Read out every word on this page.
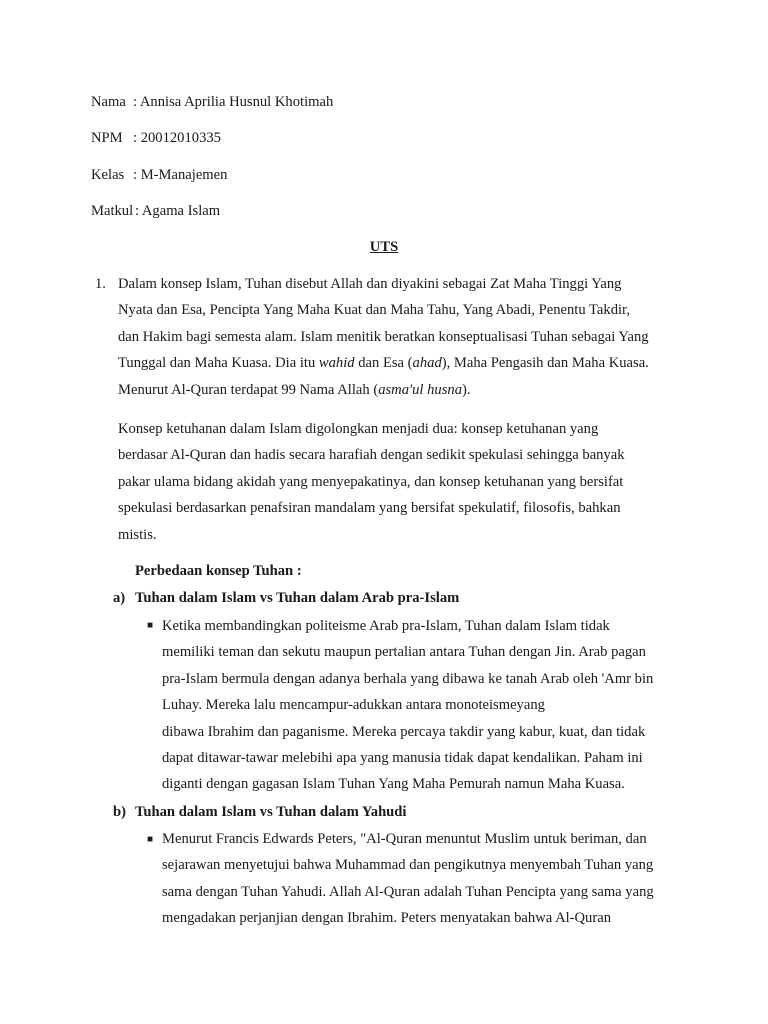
Nama : Annisa Aprilia Husnul Khotimah
NPM : 20012010335
Kelas : M-Manajemen
Matkul : Agama Islam
UTS
1. Dalam konsep Islam, Tuhan disebut Allah dan diyakini sebagai Zat Maha Tinggi Yang
Nyata dan Esa, Pencipta Yang Maha Kuat dan Maha Tahu, Yang Abadi, Penentu Takdir,
dan Hakim bagi semesta alam. Islam menitik beratkan konseptualisasi Tuhan sebagai Yang
Tunggal dan Maha Kuasa. Dia itu wahid dan Esa (ahad), Maha Pengasih dan Maha Kuasa.
Menurut Al-Quran terdapat 99 Nama Allah (asma'ul husna).
Konsep ketuhanan dalam Islam digolongkan menjadi dua: konsep ketuhanan yang
berdasar Al-Quran dan hadis secara harafiah dengan sedikit spekulasi sehingga banyak
pakar ulama bidang akidah yang menyepakatinya, dan konsep ketuhanan yang bersifat
spekulasi berdasarkan penafsiran mandalam yang bersifat spekulatif, filosofis, bahkan
mistis.
Perbedaan konsep Tuhan :
a) Tuhan dalam Islam vs Tuhan dalam Arab pra-Islam
■ Ketika membandingkan politeisme Arab pra-Islam, Tuhan dalam Islam tidak
memiliki teman dan sekutu maupun pertalian antara Tuhan dengan Jin. Arab pagan
pra-Islam bermula dengan adanya berhala yang dibawa ke tanah Arab oleh 'Amr bin
Luhay. Mereka lalu mencampur-adukkan antara monoteismeyang
dibawa Ibrahim dan paganisme. Mereka percaya takdir yang kabur, kuat, dan tidak
dapat ditawar-tawar melebihi apa yang manusia tidak dapat kendalikan. Paham ini
diganti dengan gagasan Islam Tuhan Yang Maha Pemurah namun Maha Kuasa.
b) Tuhan dalam Islam vs Tuhan dalam Yahudi
■ Menurut Francis Edwards Peters, "Al-Quran menuntut Muslim untuk beriman, dan
sejarawan menyetujui bahwa Muhammad dan pengikutnya menyembah Tuhan yang
sama dengan Tuhan Yahudi. Allah Al-Quran adalah Tuhan Pencipta yang sama yang
mengadakan perjanjian dengan Ibrahim. Peters menyatakan bahwa Al-Quran
